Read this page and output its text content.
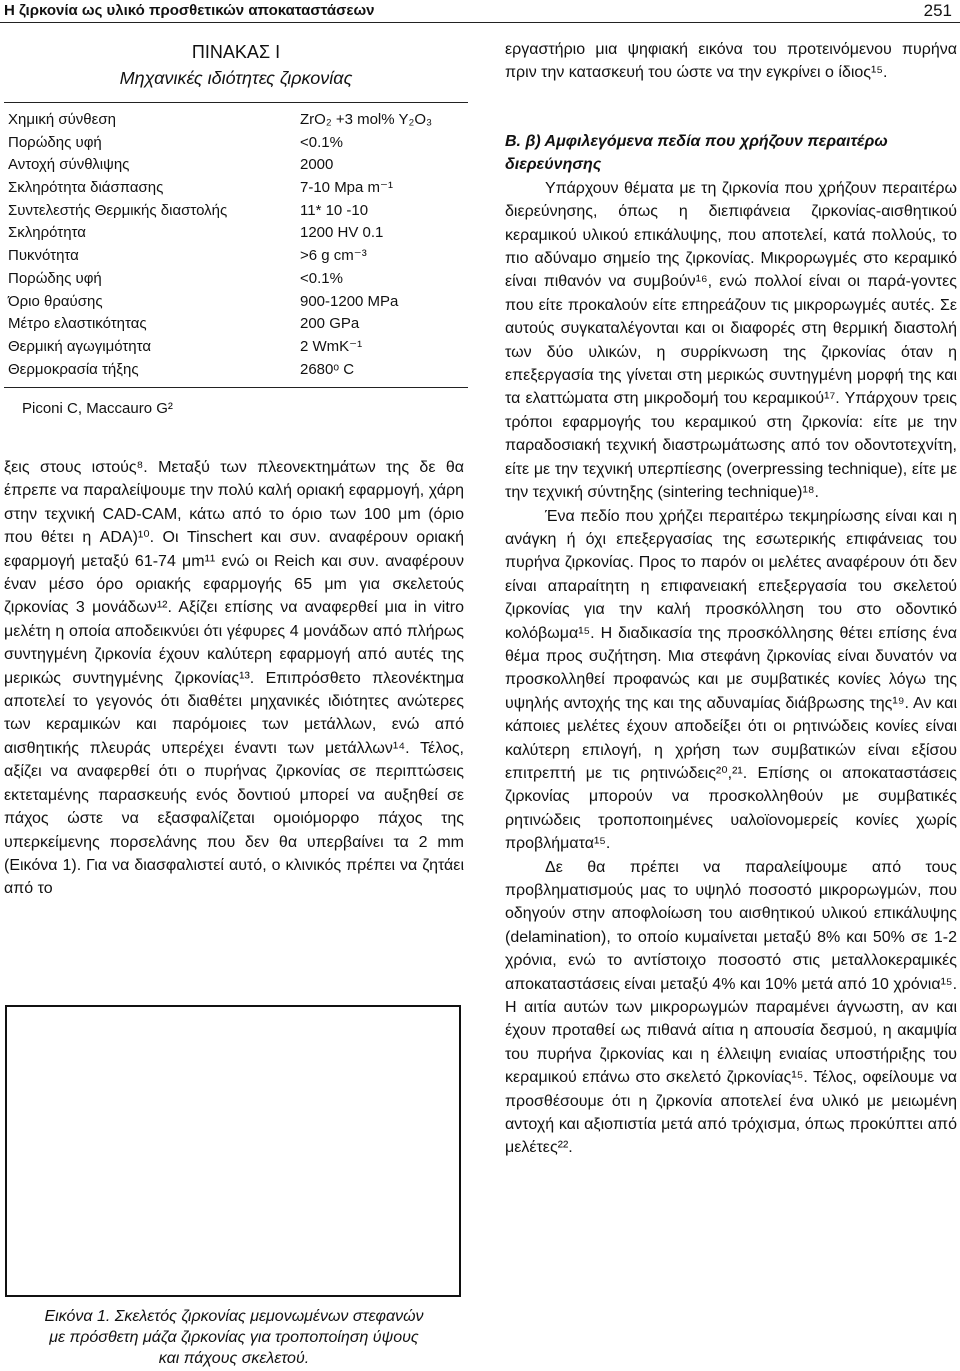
Η ζιρκονία ως υλικό προσθετικών αποκαταστάσεων	251
ΠΙΝΑΚΑΣ Ι
Μηχανικές ιδιότητες ζιρκονίας
Χημική σύνθεση	ZrO₂ +3 mol% Y₂O₃
Πορώδης υφή	<0.1%
Αντοχή σύνθλιψης	2000
Σκληρότητα διάσπασης	7-10 Mpa m⁻¹
Συντελεστής Θερμικής διαστολής	11* 10 -10
Σκληρότητα	1200 HV 0.1
Πυκνότητα	>6 g cm⁻³
Πορώδης υφή	<0.1%
Όριο θραύσης	900-1200 MPa
Μέτρο ελαστικότητας	200 GPa
Θερμική αγωγιμότητα	2 WmK⁻¹
Θερμοκρασία τήξης	2680ᵒ C
Piconi C, Maccauro G²

ξεις στους ιστούς⁸. Μεταξύ των πλεονεκτημάτων της δε θα έπρεπε να παραλείψουμε την πολύ καλή οριακή εφαρμογή, χάρη στην τεχνική CAD-CAM, κάτω από το όριο των 100 μm (όριο που θέτει η ADA)¹⁰. Οι Tinschert και συν. αναφέρουν οριακή εφαρμογή μεταξύ 61-74 μm¹¹ ενώ οι Reich και συν. αναφέρουν έναν μέσο όρο οριακής εφαρμογής 65 μm για σκελετούς ζιρκονίας 3 μονάδων¹². Αξίζει επίσης να αναφερθεί μια in vitro μελέτη η οποία αποδεικνύει ότι γέφυρες 4 μονάδων από πλήρως συντηγμένη ζιρκονία έχουν καλύτερη εφαρμογή από αυτές της μερικώς συντηγμένης ζιρκονίας¹³. Επιπρόσθετο πλεονέκτημα αποτελεί το γεγονός ότι διαθέτει μηχανικές ιδιότητες ανώτερες των κεραμικών και παρόμοιες των μετάλλων, ενώ από αισθητικής πλευράς υπερέχει έναντι των μετάλλων¹⁴. Τέλος, αξίζει να αναφερθεί ότι ο πυρήνας ζιρκονίας σε περιπτώσεις εκτεταμένης παρασκευής ενός δοντιού μπορεί να αυξηθεί σε πάχος ώστε να εξασφαλίζεται ομοιόμορφο πάχος της υπερκείμενης πορσελάνης που δεν θα υπερβαίνει τα 2 mm (Εικόνα 1). Για να διασφαλιστεί αυτό, ο κλινικός πρέπει να ζητάει από το

Εικόνα 1. Σκελετός ζιρκονίας μεμονωμένων στεφανών
με πρόσθετη μάζα ζιρκονίας για τροποποίηση ύψους
και πάχους σκελετού.

εργαστήριο μια ψηφιακή εικόνα του προτεινόμενου πυρήνα πριν την κατασκευή του ώστε να την εγκρίνει ο ίδιος¹⁵.

Β. β) Αμφιλεγόμενα πεδία που χρήζουν περαιτέρω διερεύνησης

Υπάρχουν θέματα με τη ζιρκονία που χρήζουν περαιτέρω διερεύνησης, όπως η διεπιφάνεια ζιρκονίας-αισθητικού κεραμικού υλικού επικάλυψης, που αποτελεί, κατά πολλούς, το πιο αδύναμο σημείο της ζιρκονίας. Μικρορωγμές στο κεραμικό είναι πιθανόν να συμβούν¹⁶, ενώ πολλοί είναι οι παρά-γοντες που είτε προκαλούν είτε επηρεάζουν τις μικρορωγμές αυτές. Σε αυτούς συγκαταλέγονται και οι διαφορές στη θερμική διαστολή των δύο υλικών, η συρρίκνωση της ζιρκονίας όταν η επεξεργασία της γίνεται στη μερικώς συντηγμένη μορφή της και τα ελαττώματα στη μικροδομή του κεραμικού¹⁷. Υπάρχουν τρεις τρόποι εφαρμογής του κεραμικού στη ζιρκονία: είτε με την παραδοσιακή τεχνική διαστρωμάτωσης από τον οδοντοτεχνίτη, είτε με την τεχνική υπερπίεσης (overpressing technique), είτε με την τεχνική σύντηξης (sintering technique)¹⁸.

Ένα πεδίο που χρήζει περαιτέρω τεκμηρίωσης είναι και η ανάγκη ή όχι επεξεργασίας της εσωτερικής επιφάνειας του πυρήνα ζιρκονίας. Προς το παρόν οι μελέτες αναφέρουν ότι δεν είναι απαραίτητη η επιφανειακή επεξεργασία του σκελετού ζιρκονίας για την καλή προσκόλληση του στο οδοντικό κολόβωμα¹⁵. Η διαδικασία της προσκόλλησης θέτει επίσης ένα θέμα προς συζήτηση. Μια στεφάνη ζιρκονίας είναι δυνατόν να προσκολληθεί προφανώς και με συμβατικές κονίες λόγω της υψηλής αντοχής της και της αδυναμίας διάβρωσης της¹⁹. Αν και κάποιες μελέτες έχουν αποδείξει ότι οι ρητινώδεις κονίες είναι καλύτερη επιλογή, η χρήση των συμβατικών είναι εξίσου επιτρεπτή με τις ρητινώδεις²⁰,²¹. Επίσης οι αποκαταστάσεις ζιρκονίας μπορούν να προσκολληθούν με συμβατικές ρητινώδεις τροποποιημένες υαλοϊονομερείς κονίες χωρίς προβλήματα¹⁵.

Δε θα πρέπει να παραλείψουμε από τους προβληματισμούς μας το υψηλό ποσοστό μικρορωγμών, που οδηγούν στην αποφλοίωση του αισθητικού υλικού επικάλυψης (delamination), το οποίο κυμαίνεται μεταξύ 8% και 50% σε 1-2 χρόνια, ενώ το αντίστοιχο ποσοστό στις μεταλλοκεραμικές αποκαταστάσεις είναι μεταξύ 4% και 10% μετά από 10 χρόνια¹⁵. Η αιτία αυτών των μικρορωγμών παραμένει άγνωστη, αν και έχουν προταθεί ως πιθανά αίτια η απουσία δεσμού, η ακαμψία του πυρήνα ζιρκονίας και η έλλειψη ενιαίας υποστήριξης του κεραμικού επάνω στο σκελετό ζιρκονίας¹⁵. Τέλος, οφείλουμε να προσθέσουμε ότι η ζιρκονία αποτελεί ένα υλικό με μειωμένη αντοχή και αξιοπιστία μετά από τρόχισμα, όπως προκύπτει από μελέτες²².
